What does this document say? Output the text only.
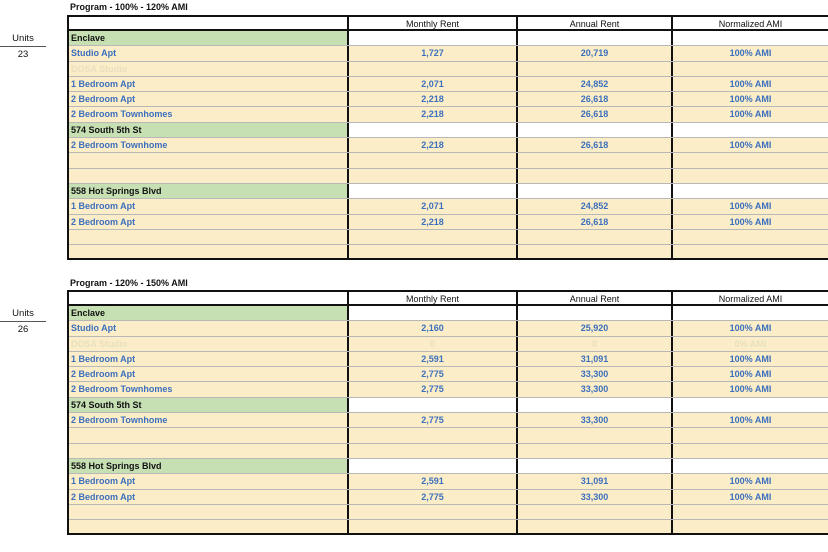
Program - 100% - 120% AMI
Units
23
Monthly Rent	Annual Rent	Normalized AMI
Enclave
Studio Apt	1,727	20,719	100% AMI
DOSA Studio
1 Bedroom Apt	2,071	24,852	100% AMI
2 Bedroom Apt	2,218	26,618	100% AMI
2 Bedroom Townhomes	2,218	26,618	100% AMI
574 South 5th St
2 Bedroom Townhome	2,218	26,618	100% AMI
558 Hot Springs Blvd
1 Bedroom Apt	2,071	24,852	100% AMI
2 Bedroom Apt	2,218	26,618	100% AMI
Program - 120% - 150% AMI
Units
26
Monthly Rent	Annual Rent	Normalized AMI
Enclave
Studio Apt	2,160	25,920	100% AMI
DOSA Studio	0	0	0% AMI
1 Bedroom Apt	2,591	31,091	100% AMI
2 Bedroom Apt	2,775	33,300	100% AMI
2 Bedroom Townhomes	2,775	33,300	100% AMI
574 South 5th St
2 Bedroom Townhome	2,775	33,300	100% AMI
558 Hot Springs Blvd
1 Bedroom Apt	2,591	31,091	100% AMI
2 Bedroom Apt	2,775	33,300	100% AMI
